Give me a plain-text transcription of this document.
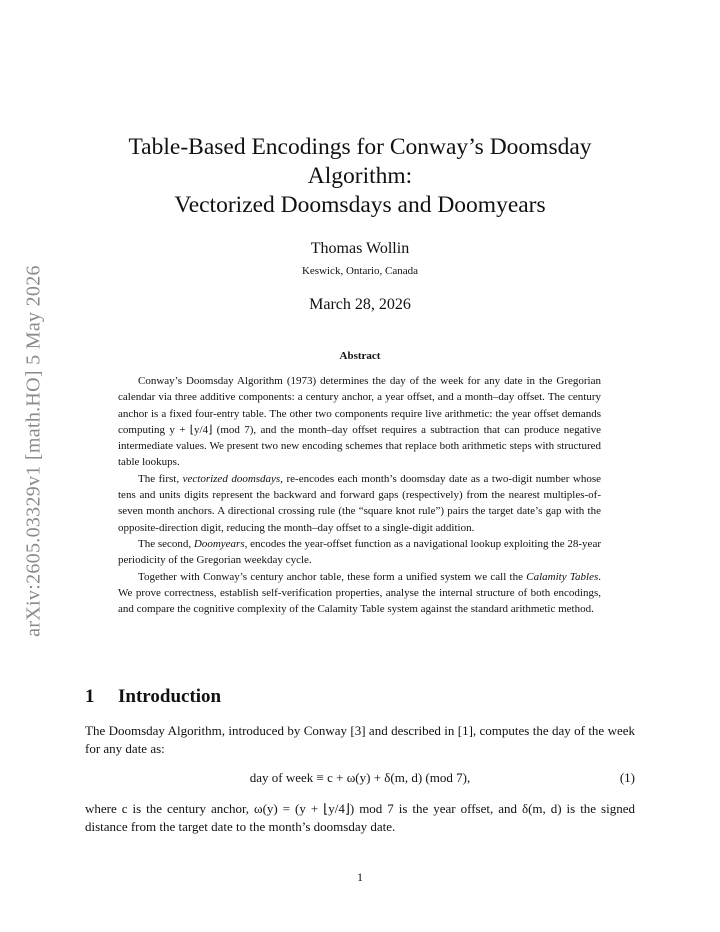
arXiv:2605.03329v1 [math.HO] 5 May 2026
Table-Based Encodings for Conway’s Doomsday
Algorithm:
Vectorized Doomsdays and Doomyears
Thomas Wollin
Keswick, Ontario, Canada
March 28, 2026
Abstract

Conway’s Doomsday Algorithm (1973) determines the day of the week for any date in the Gregorian calendar via three additive components: a century anchor, a year offset, and a month–day offset. The century anchor is a fixed four-entry table. The other two components require live arithmetic: the year offset demands computing y + ⌊y/4⌋ (mod 7), and the month–day offset requires a subtraction that can produce negative intermediate values. We present two new encoding schemes that replace both arithmetic steps with structured table lookups.

The first, vectorized doomsdays, re-encodes each month’s doomsday date as a two-digit number whose tens and units digits represent the backward and forward gaps (respectively) from the nearest multiples-of-seven month anchors. A directional crossing rule (the “square knot rule”) pairs the target date’s gap with the opposite-direction digit, reducing the month–day offset to a single-digit addition.

The second, Doomyears, encodes the year-offset function as a navigational lookup exploiting the 28-year periodicity of the Gregorian weekday cycle.

Together with Conway’s century anchor table, these form a unified system we call the Calamity Tables. We prove correctness, establish self-verification properties, analyse the internal structure of both encodings, and compare the cognitive complexity of the Calamity Table system against the standard arithmetic method.

1 Introduction

The Doomsday Algorithm, introduced by Conway [3] and described in [1], computes the day of the week for any date as:

day of week ≡ c + ω(y) + δ(m, d) (mod 7),	(1)

where c is the century anchor, ω(y) = (y + ⌊y/4⌋) mod 7 is the year offset, and δ(m, d) is the signed distance from the target date to the month’s doomsday date.

1
